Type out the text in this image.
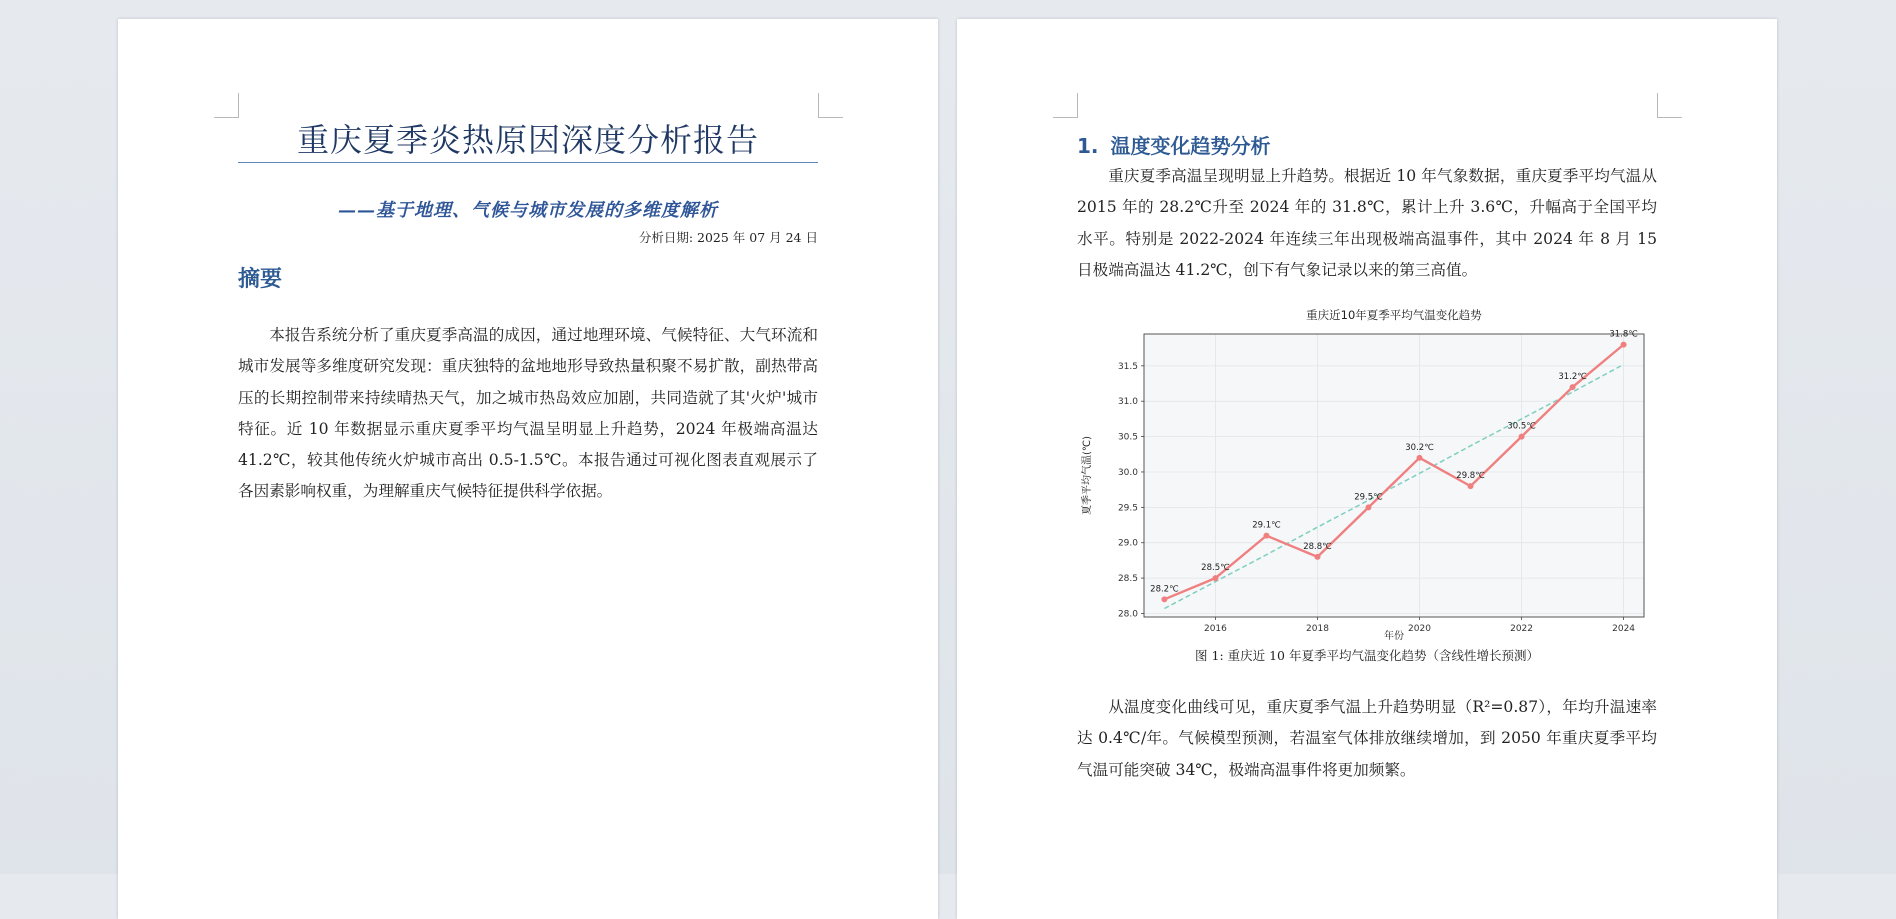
重庆夏季炎热原因深度分析报告
——基于地理、气候与城市发展的多维度解析
分析日期: 2025 年 07 月 24 日
摘要

本报告系统分析了重庆夏季高温的成因，通过地理环境、气候特征、大气环流和城市发展等多维度研究发现：重庆独特的盆地地形导致热量积聚不易扩散，副热带高压的长期控制带来持续晴热天气，加之城市热岛效应加剧，共同造就了其'火炉'城市特征。近 10 年数据显示重庆夏季平均气温呈明显上升趋势，2024 年极端高温达 41.2℃，较其他传统火炉城市高出 0.5-1.5℃。本报告通过可视化图表直观展示了各因素影响权重，为理解重庆气候特征提供科学依据。

1. 温度变化趋势分析

重庆夏季高温呈现明显上升趋势。根据近 10 年气象数据，重庆夏季平均气温从 2015 年的 28.2℃升至 2024 年的 31.8℃，累计上升 3.6℃，升幅高于全国平均水平。特别是 2022-2024 年连续三年出现极端高温事件，其中 2024 年 8 月 15 日极端高温达 41.2℃，创下有气象记录以来的第三高值。

28.0
28.5
29.0
29.5
30.0
30.5
31.0
31.5
2016	2018	2020	2022	2024
28.2℃
28.5℃
29.1℃
28.8℃
29.5℃
30.2℃
29.8℃
30.5℃
31.2℃
31.8℃
重庆近10年夏季平均气温变化趋势
年份
夏季平均气温(℃)
图 1: 重庆近 10 年夏季平均气温变化趋势（含线性增长预测）

从温度变化曲线可见，重庆夏季气温上升趋势明显（R²=0.87），年均升温速率达 0.4℃/年。气候模型预测，若温室气体排放继续增加，到 2050 年重庆夏季平均气温可能突破 34℃，极端高温事件将更加频繁。
